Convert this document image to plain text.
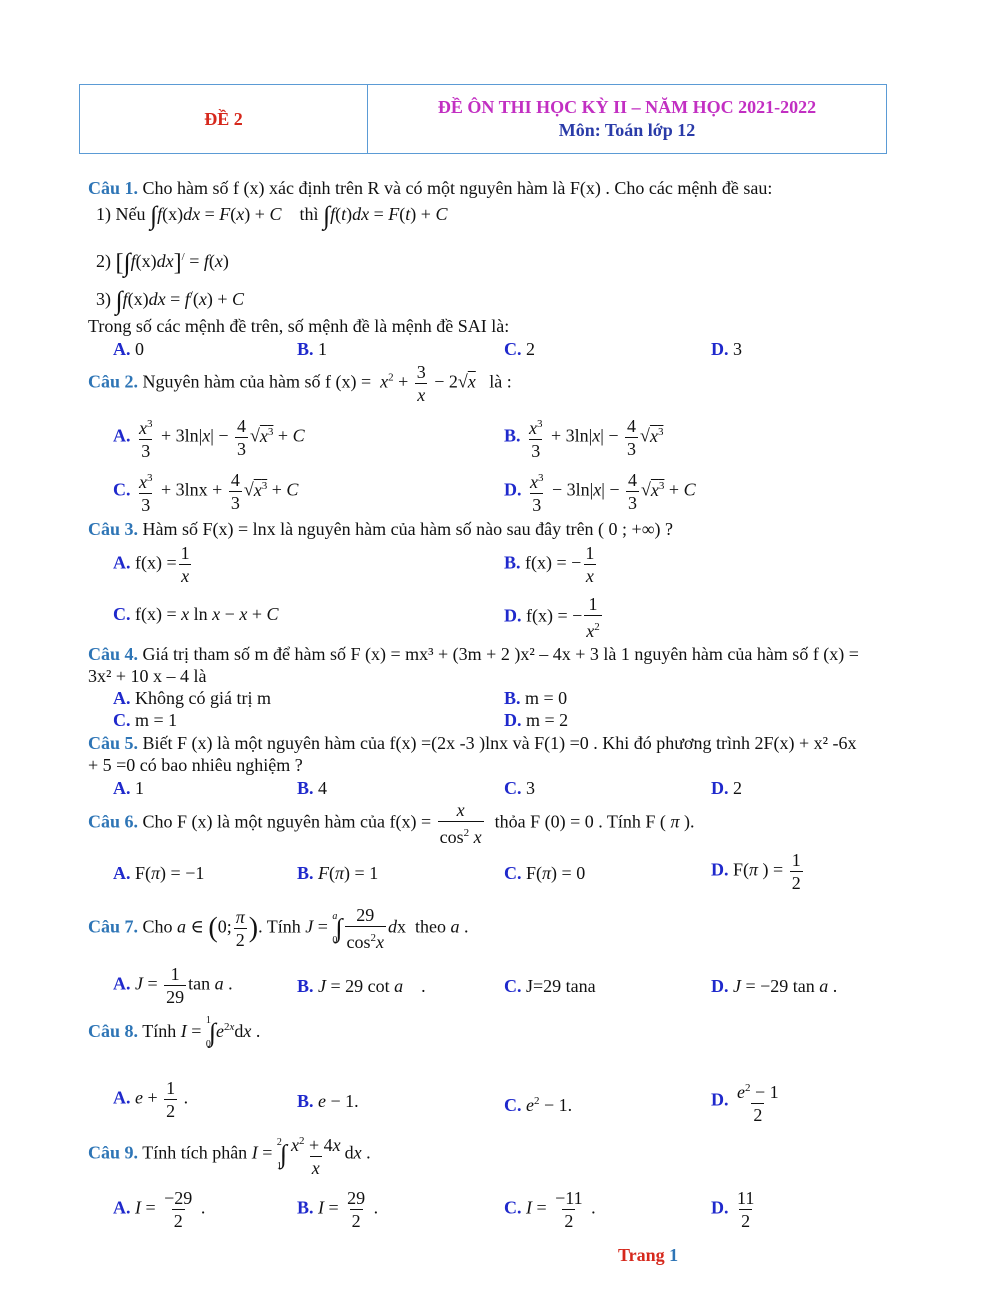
ĐỀ 2
ĐỀ ÔN THI HỌC KỲ II – NĂM HỌC 2021-2022
Môn: Toán lớp 12
Câu 1. Cho hàm số f (x) xác định trên R và có một nguyên hàm là F(x) . Cho các mệnh đề sau:
1) Nếu ∫f(x)dx = F(x) + C thì ∫f(t)dx = F(t) + C
2) [∫f(x)dx]/ = f(x)
3) ∫f(x)dx = f/(x) + C
Trong số các mệnh đề trên, số mệnh đề là mệnh đề SAI là:
A. 0	B. 1	C. 2	D. 3
Câu 2. Nguyên hàm của hàm số f $(x) = x^2 + \frac{3}{x} - 2√x$ là :
A. $\frac{x^3}{3} + 3\ln|x| - \frac{4}{3} √x^3 + C$	B. $\frac{x^3}{3} + 3\ln|x| - \frac{4}{3} √x^3$
C. $\frac{x^3}{3} + 3\ln x + \frac{4}{3} √x^3 + C$	D. $\frac{x^3}{3} - 3\ln|x| - \frac{4}{3} √x^3 + C$
Câu 3. Hàm số F(x) = lnx là nguyên hàm của hàm số nào sau đây trên ( 0 ; +∞) ?
A. $f(x) = \frac{1}{x}$	B. f(x) = − $\frac{1}{x}$
C. f(x) = x ln x − x + C	D. f(x) = − $\frac{1}{x^2}$
Câu 4. Giá trị tham số m để hàm số F (x) = mx³ + (3m + 2 )x² – 4x + 3 là 1 nguyên hàm của hàm số f (x) =
3x² + 10 x – 4 là
A. Không có giá trị m	B. m = 0
C. m = 1	D. m = 2
Câu 5. Biết F (x) là một nguyên hàm của f(x) =(2x -3 )lnx và F(1) =0 . Khi đó phương trình 2F(x) + x² -6x
+ 5 =0 có bao nhiêu nghiệm ?
A. 1	B. 4	C. 3	D. 2
Câu 6. Cho F (x) là một nguyên hàm của $f(x) = \frac{x}{\cos^2 x}$ thỏa F (0) = 0 . Tính F ( π ).
A. F(π) = −1	B. F(π) = 1	C. F(π) = 0	D. F(π ) = $\frac{1}{2}$
Câu 7. Cho a ∈ (0; $\frac{\pi}{2}$ ). Tính J =
a

0
∫ $\frac{29}{\cos^2x}$ dx  theo a .
A. $J = \frac{1}{29}$ tan a .	B. J = 29 cot a    .	C. J=29 tana	D. J = −29 tan a .
Câu 8. Tính I =
1

0
$\int e^{2x}dx$ .
A. $e + \frac{1}{2}$ .	B. e − 1.	C. $e^2 - 1$.	D. $\frac{e^2 - 1}{2}$
Câu 9. Tính tích phân I =
2

1
∫ $\frac{x^2 + 4x}{x}$ dx .
A. $I = \frac{-29}{2}$ .	B. $I = \frac{29}{2}$ .	C. $I = \frac{-11}{2}$ .	D. $\frac{11}{2}$
Trang 1
